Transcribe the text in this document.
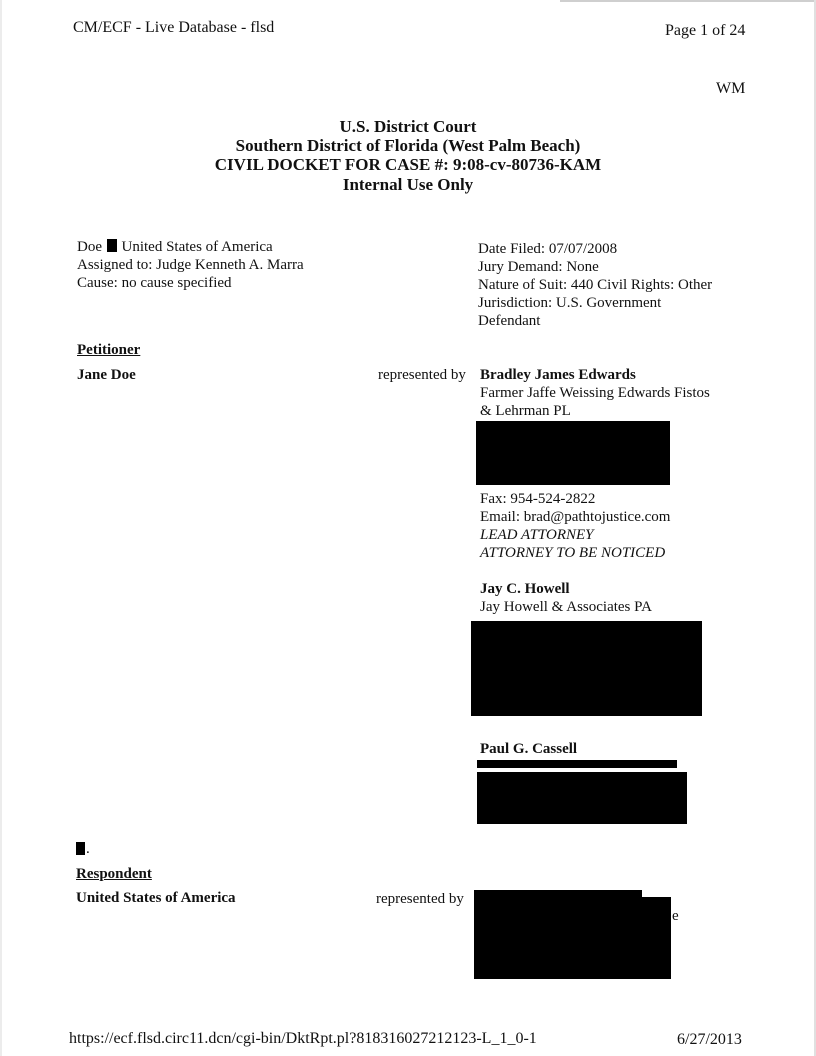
CM/ECF - Live Database - flsd	Page 1 of 24
WM
U.S. District Court
Southern District of Florida (West Palm Beach)
CIVIL DOCKET FOR CASE #: 9:08-cv-80736-KAM
Internal Use Only
Doe United States of America
Assigned to: Judge Kenneth A. Marra
Cause: no cause specified
Date Filed: 07/07/2008
Jury Demand: None
Nature of Suit: 440 Civil Rights: Other
Jurisdiction: U.S. Government
Defendant
Petitioner
Jane Doe	represented by Bradley James Edwards
Farmer Jaffe Weissing Edwards Fistos
& Lehrman PL
Fax: 954-524-2822
Email: brad@pathtojustice.com
LEAD ATTORNEY
ATTORNEY TO BE NOTICED
Jay C. Howell
Jay Howell & Associates PA
Paul G. Cassell
.
Respondent
United States of America	represented by
e
https://ecf.flsd.circ11.dcn/cgi-bin/DktRpt.pl?818316027212123-L_1_0-1	6/27/2013
